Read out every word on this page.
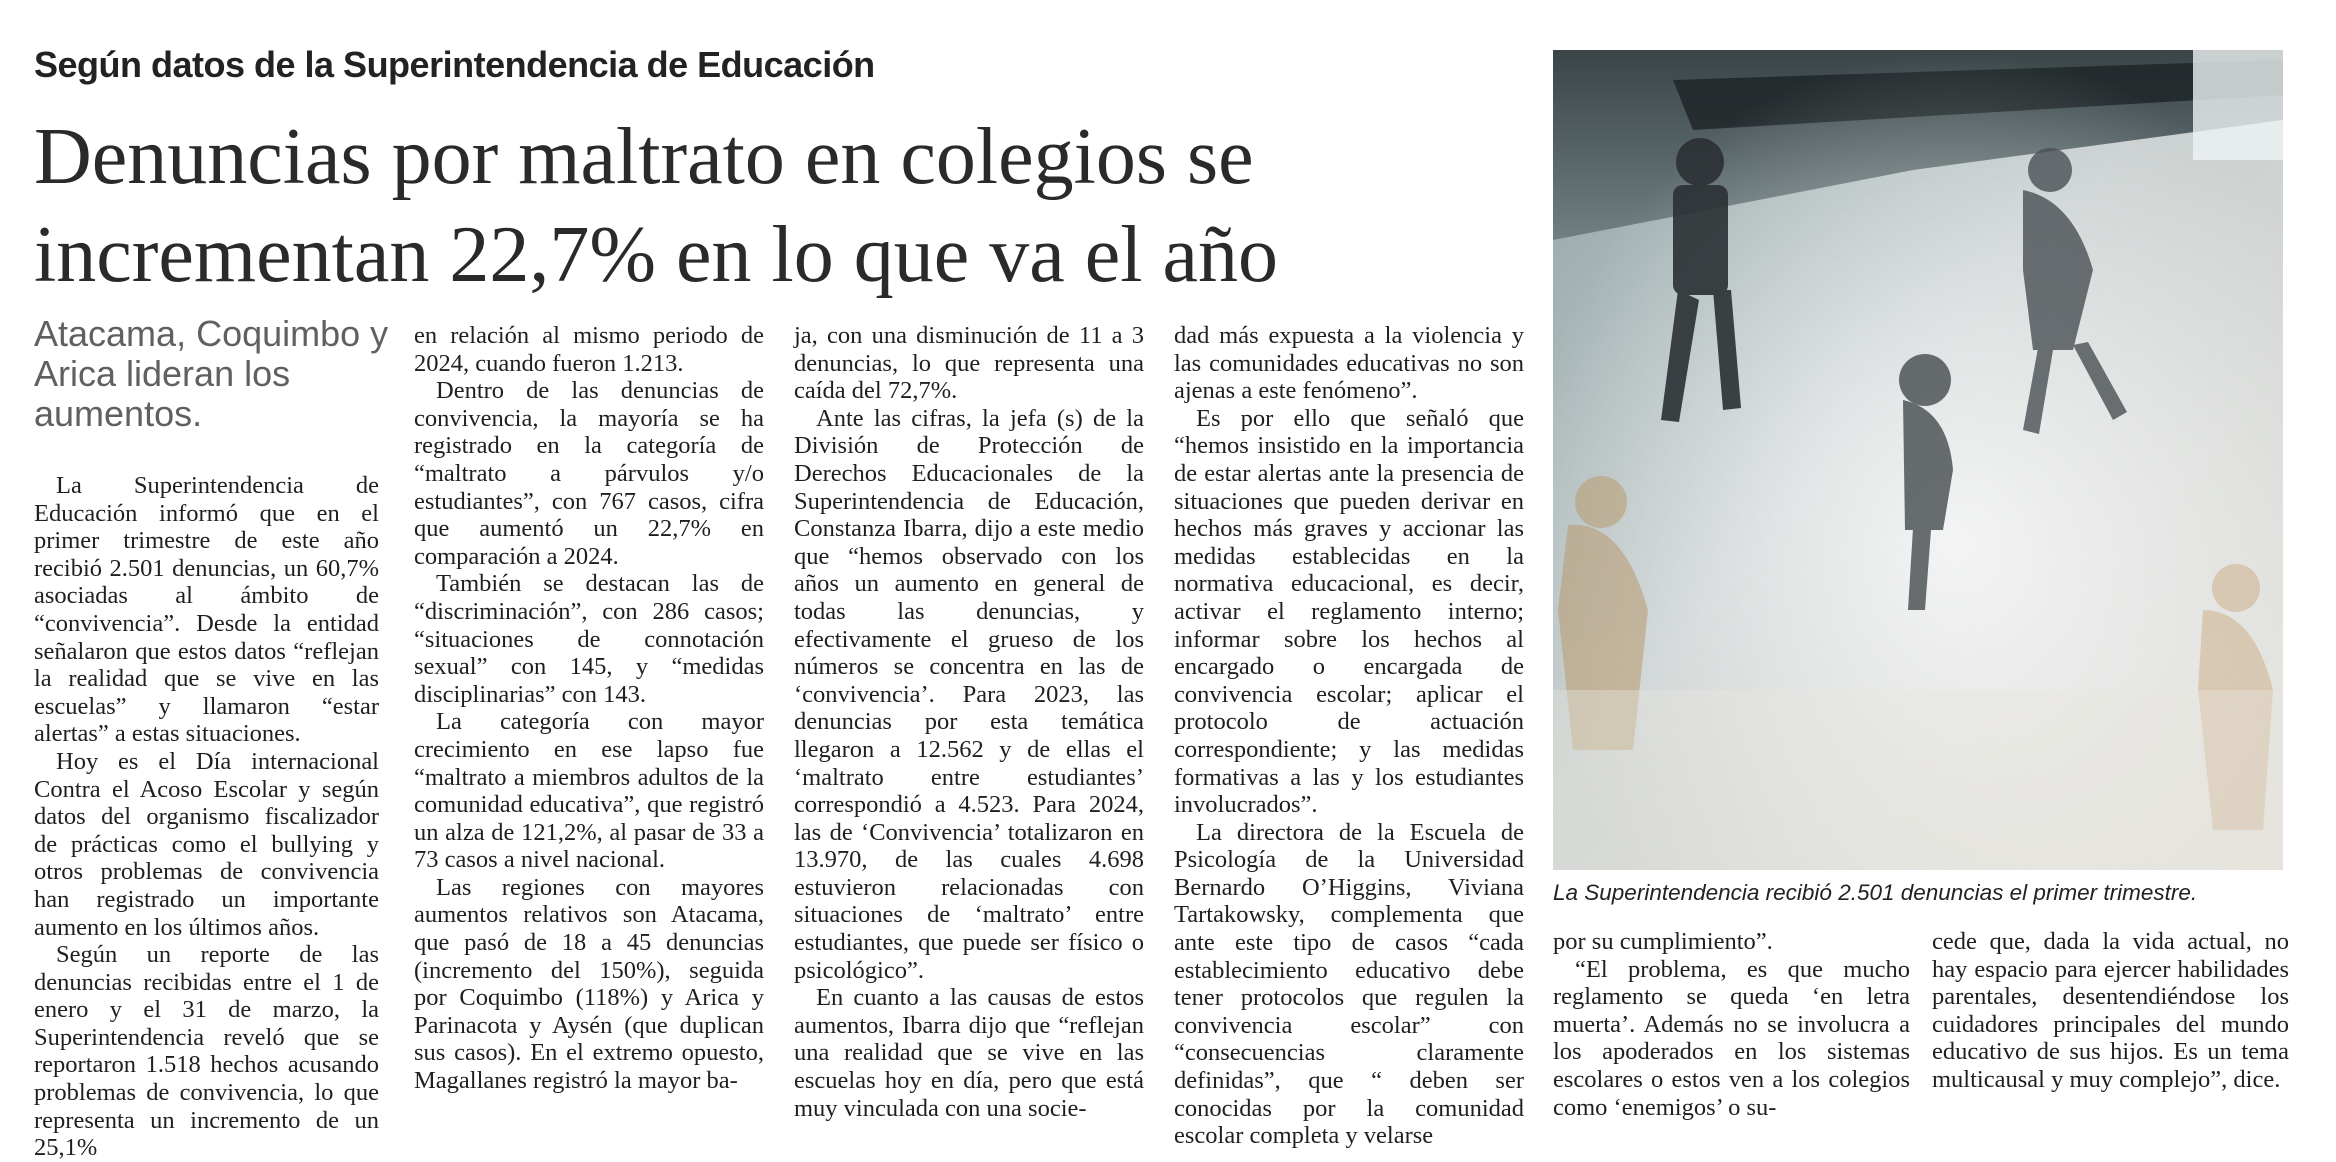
Según datos de la Superintendencia de Educación
Denuncias por maltrato en colegios se incrementan 22,7% en lo que va el año
Atacama, Coquimbo y Arica lideran los aumentos.

La Superintendencia de Educación informó que en el primer trimestre de este año recibió 2.501 denuncias, un 60,7% asociadas al ámbito de “convivencia”. Desde la entidad señalaron que estos datos “reflejan la realidad que se vive en las escuelas” y llamaron “estar alertas” a estas situaciones.

Hoy es el Día internacional Contra el Acoso Escolar y según datos del organismo fiscalizador de prácticas como el bullying y otros problemas de convivencia han registrado un importante aumento en los últimos años.

Según un reporte de las denuncias recibidas entre el 1 de enero y el 31 de marzo, la Superintendencia reveló que se reportaron 1.518 hechos acusando problemas de convivencia, lo que representa un incremento de un 25,1%

en relación al mismo periodo de 2024, cuando fueron 1.213.

Dentro de las denuncias de convivencia, la mayoría se ha registrado en la categoría de “maltrato a párvulos y/o estudiantes”, con 767 casos, cifra que aumentó un 22,7% en comparación a 2024.

También se destacan las de “discriminación”, con 286 casos; “situaciones de connotación sexual” con 145, y “medidas disciplinarias” con 143.

La categoría con mayor crecimiento en ese lapso fue “maltrato a miembros adultos de la comunidad educativa”, que registró un alza de 121,2%, al pasar de 33 a 73 casos a nivel nacional.

Las regiones con mayores aumentos relativos son Atacama, que pasó de 18 a 45 denuncias (incremento del 150%), seguida por Coquimbo (118%) y Arica y Parinacota y Aysén (que duplican sus casos). En el extremo opuesto, Magallanes registró la mayor ba-

ja, con una disminución de 11 a 3 denuncias, lo que representa una caída del 72,7%.

Ante las cifras, la jefa (s) de la División de Protección de Derechos Educacionales de la Superintendencia de Educación, Constanza Ibarra, dijo a este medio que “hemos observado con los años un aumento en general de todas las denuncias, y efectivamente el grueso de los números se concentra en las de ‘convivencia’. Para 2023, las denuncias por esta temática llegaron a 12.562 y de ellas el ‘maltrato entre estudiantes’ correspondió a 4.523. Para 2024, las de ‘Convivencia’ totalizaron en 13.970, de las cuales 4.698 estuvieron relacionadas con situaciones de ‘maltrato’ entre estudiantes, que puede ser físico o psicológico”.

En cuanto a las causas de estos aumentos, Ibarra dijo que “reflejan una realidad que se vive en las escuelas hoy en día, pero que está muy vinculada con una socie-

dad más expuesta a la violencia y las comunidades educativas no son ajenas a este fenómeno”.

Es por ello que señaló que “hemos insistido en la importancia de estar alertas ante la presencia de situaciones que pueden derivar en hechos más graves y accionar las medidas establecidas en la normativa educacional, es decir, activar el reglamento interno; informar sobre los hechos al encargado o encargada de convivencia escolar; aplicar el protocolo de actuación correspondiente; y las medidas formativas a las y los estudiantes involucrados”.

La directora de la Escuela de Psicología de la Universidad Bernardo O’Higgins, Viviana Tartakowsky, complementa que ante este tipo de casos “cada establecimiento educativo debe tener protocolos que regulen la convivencia escolar” con “consecuencias claramente definidas”, que “ deben ser conocidas por la comunidad escolar completa y velarse

La Superintendencia recibió 2.501 denuncias el primer trimestre.

por su cumplimiento”.

“El problema, es que mucho reglamento se queda ‘en letra muerta’. Además no se involucra a los apoderados en los sistemas escolares o estos ven a los colegios como ‘enemigos’ o su-

cede que, dada la vida actual, no hay espacio para ejercer habilidades parentales, desentendiéndose los cuidadores principales del mundo educativo de sus hijos. Es un tema multicausal y muy complejo”, dice.
